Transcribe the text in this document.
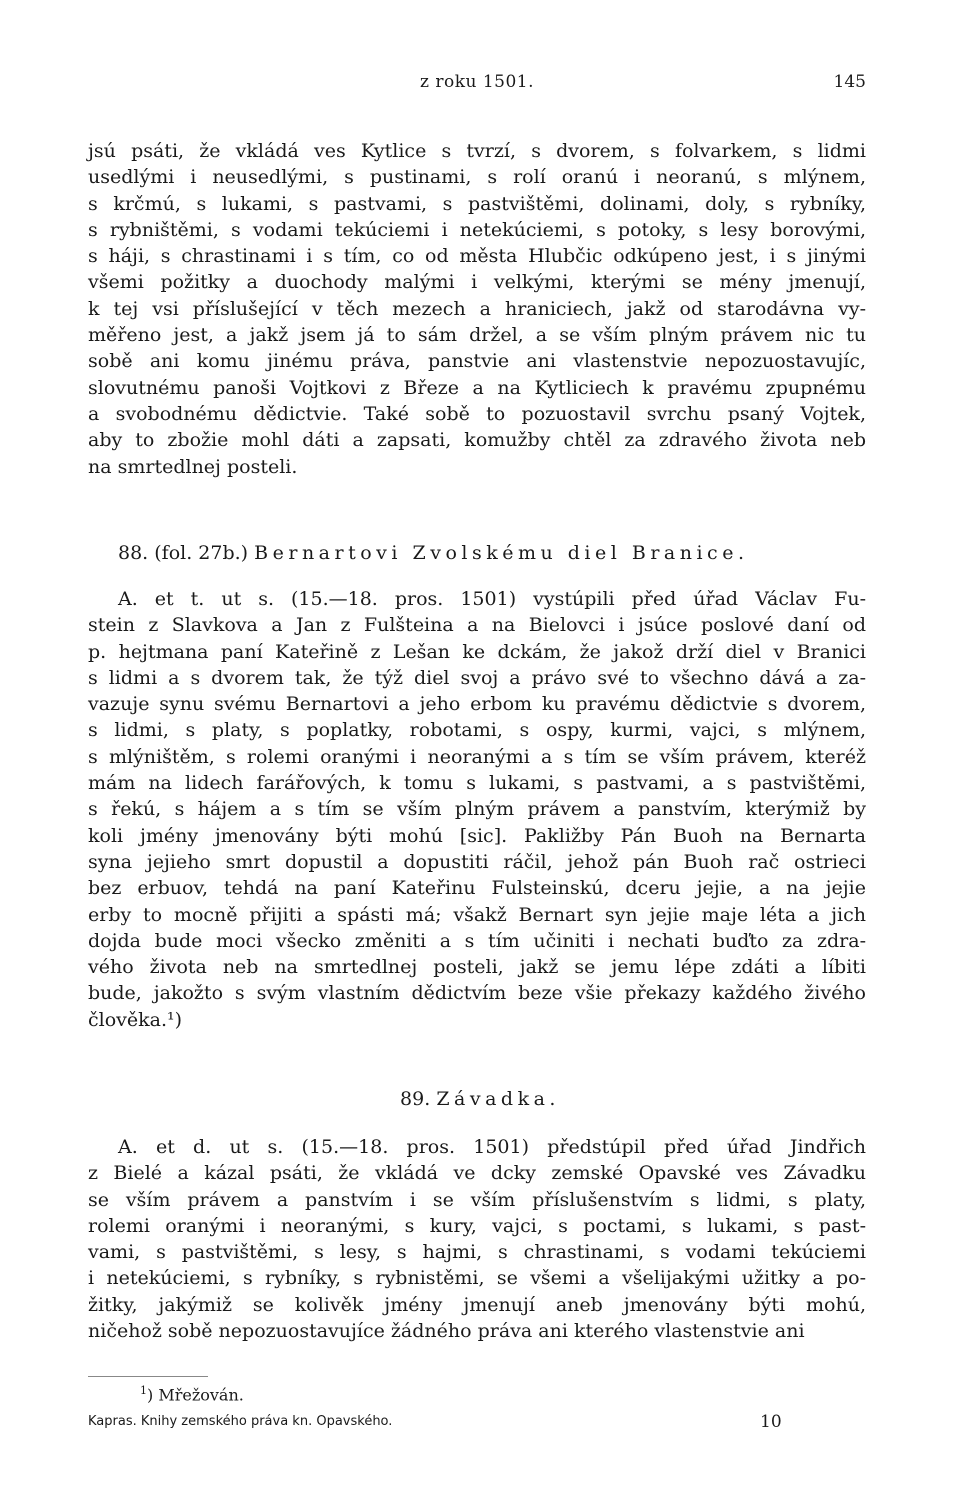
z roku 1501.	145
jsú psáti, že vkládá ves Kytlice s tvrzí, s dvorem, s folvarkem, s lidmi
usedlými i neusedlými, s pustinami, s rolí oranú i neoranú, s mlýnem,
s krčmú, s lukami, s pastvami, s pastvištěmi, dolinami, doly, s rybníky,
s rybništěmi, s vodami tekúciemi i netekúciemi, s potoky, s lesy borovými,
s háji, s chrastinami i s tím, co od města Hlubčic odkúpeno jest, i s jinými
všemi požitky a duochody malými i velkými, kterými se mény jmenují,
k tej vsi příslušející v těch mezech a hraniciech, jakž od starodávna vy-
měřeno jest, a jakž jsem já to sám držel, a se vším plným právem nic tu
sobě ani komu jinému práva, panstvie ani vlastenstvie nepozuostavujíc,
slovutnému panoši Vojtkovi z Březe a na Kytliciech k pravému zpupnému
a svobodnému dědictvie. Také sobě to pozuostavil svrchu psaný Vojtek,
aby to zbožie mohl dáti a zapsati, komužby chtěl za zdravého života neb
na smrtedlnej posteli.
88. (fol. 27b.) Bernartovi Zvolskému diel Branice.
A. et t. ut s. (15.—18. pros. 1501) vystúpili před úřad Václav Fu-
stein z Slavkova a Jan z Fulšteina a na Bielovci i jsúce poslové daní od
p. hejtmana paní Kateřině z Lešan ke dckám, že jakož drží diel v Branici
s lidmi a s dvorem tak, že týž diel svoj a právo své to všechno dává a za-
vazuje synu svému Bernartovi a jeho erbom ku pravému dědictvie s dvorem,
s lidmi, s platy, s poplatky, robotami, s ospy, kurmi, vajci, s mlýnem,
s mlýništěm, s rolemi oranými i neoranými a s tím se vším právem, kteréž
mám na lidech farářových, k tomu s lukami, s pastvami, a s pastvištěmi,
s řekú, s hájem a s tím se vším plným právem a panstvím, kterýmiž by
koli jmény jmenovány býti mohú [sic]. Pakližby Pán Buoh na Bernarta
syna jejieho smrt dopustil a dopustiti ráčil, jehož pán Buoh rač ostrieci
bez erbuov, tehdá na paní Kateřinu Fulsteinskú, dceru jejie, a na jejie
erby to mocně přijiti a spásti má; všakž Bernart syn jejie maje léta a jich
dojda bude moci všecko změniti a s tím učiniti i nechati buďto za zdra-
vého života neb na smrtedlnej posteli, jakž se jemu lépe zdáti a líbiti
bude, jakožto s svým vlastním dědictvím beze všie překazy každého živého
člověka.¹)
89. Závadka.
A. et d. ut s. (15.—18. pros. 1501) předstúpil před úřad Jindřich
z Bielé a kázal psáti, že vkládá ve dcky zemské Opavské ves Závadku
se vším právem a panstvím i se vším příslušenstvím s lidmi, s platy,
rolemi oranými i neoranými, s kury, vajci, s poctami, s lukami, s past-
vami, s pastvištěmi, s lesy, s hajmi, s chrastinami, s vodami tekúciemi
i netekúciemi, s rybníky, s rybnistěmi, se všemi a všelijakými užitky a po-
žitky, jakýmiž se kolivěk jmény jmenují aneb jmenovány býti mohú,
ničehož sobě nepozuostavujíce žádného práva ani kterého vlastenstvie ani
$^1$) Mřežován.
Kapras. Knihy zemského práva kn. Opavského.	10
